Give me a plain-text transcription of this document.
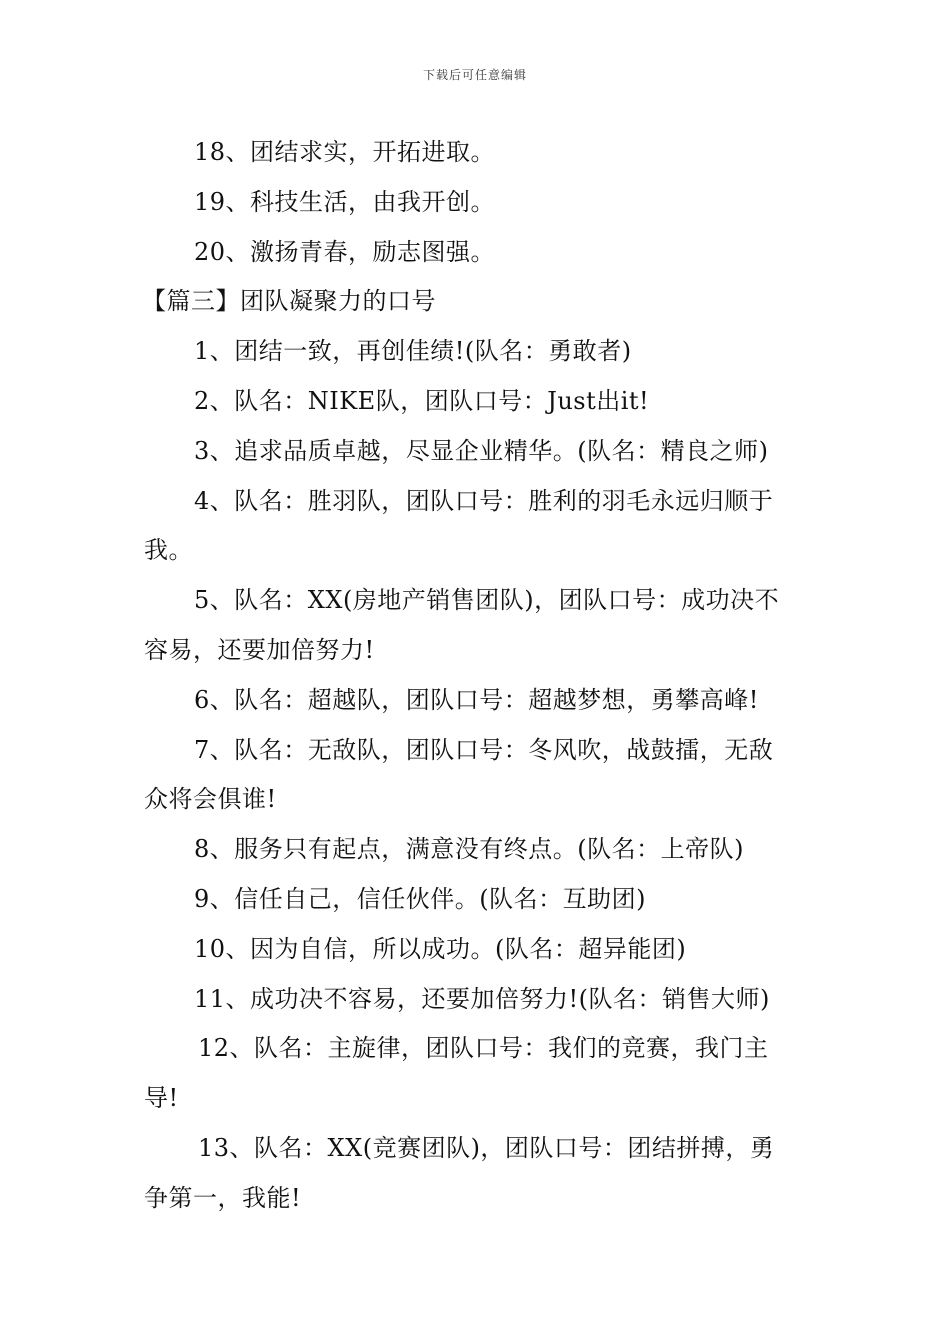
下载后可任意编辑
18、团结求实，开拓进取。
19、科技生活，由我开创。
20、激扬青春，励志图强。
【篇三】团队凝聚力的口号
1、团结一致，再创佳绩!(队名：勇敢者)
2、队名：NIKE队，团队口号：Just出it!
3、追求品质卓越，尽显企业精华。(队名：精良之师)
4、队名：胜羽队，团队口号：胜利的羽毛永远归顺于
我。
5、队名：XX(房地产销售团队)，团队口号：成功决不
容易，还要加倍努力!
6、队名：超越队，团队口号：超越梦想，勇攀高峰!
7、队名：无敌队，团队口号：冬风吹，战鼓擂，无敌
众将会俱谁!
8、服务只有起点，满意没有终点。(队名：上帝队)
9、信任自己，信任伙伴。(队名：互助团)
10、因为自信，所以成功。(队名：超异能团)
11、成功决不容易，还要加倍努力!(队名：销售大师)
12、队名：主旋律，团队口号：我们的竞赛，我门主
导!
13、队名：XX(竞赛团队)，团队口号：团结拼搏，勇
争第一，我能!
